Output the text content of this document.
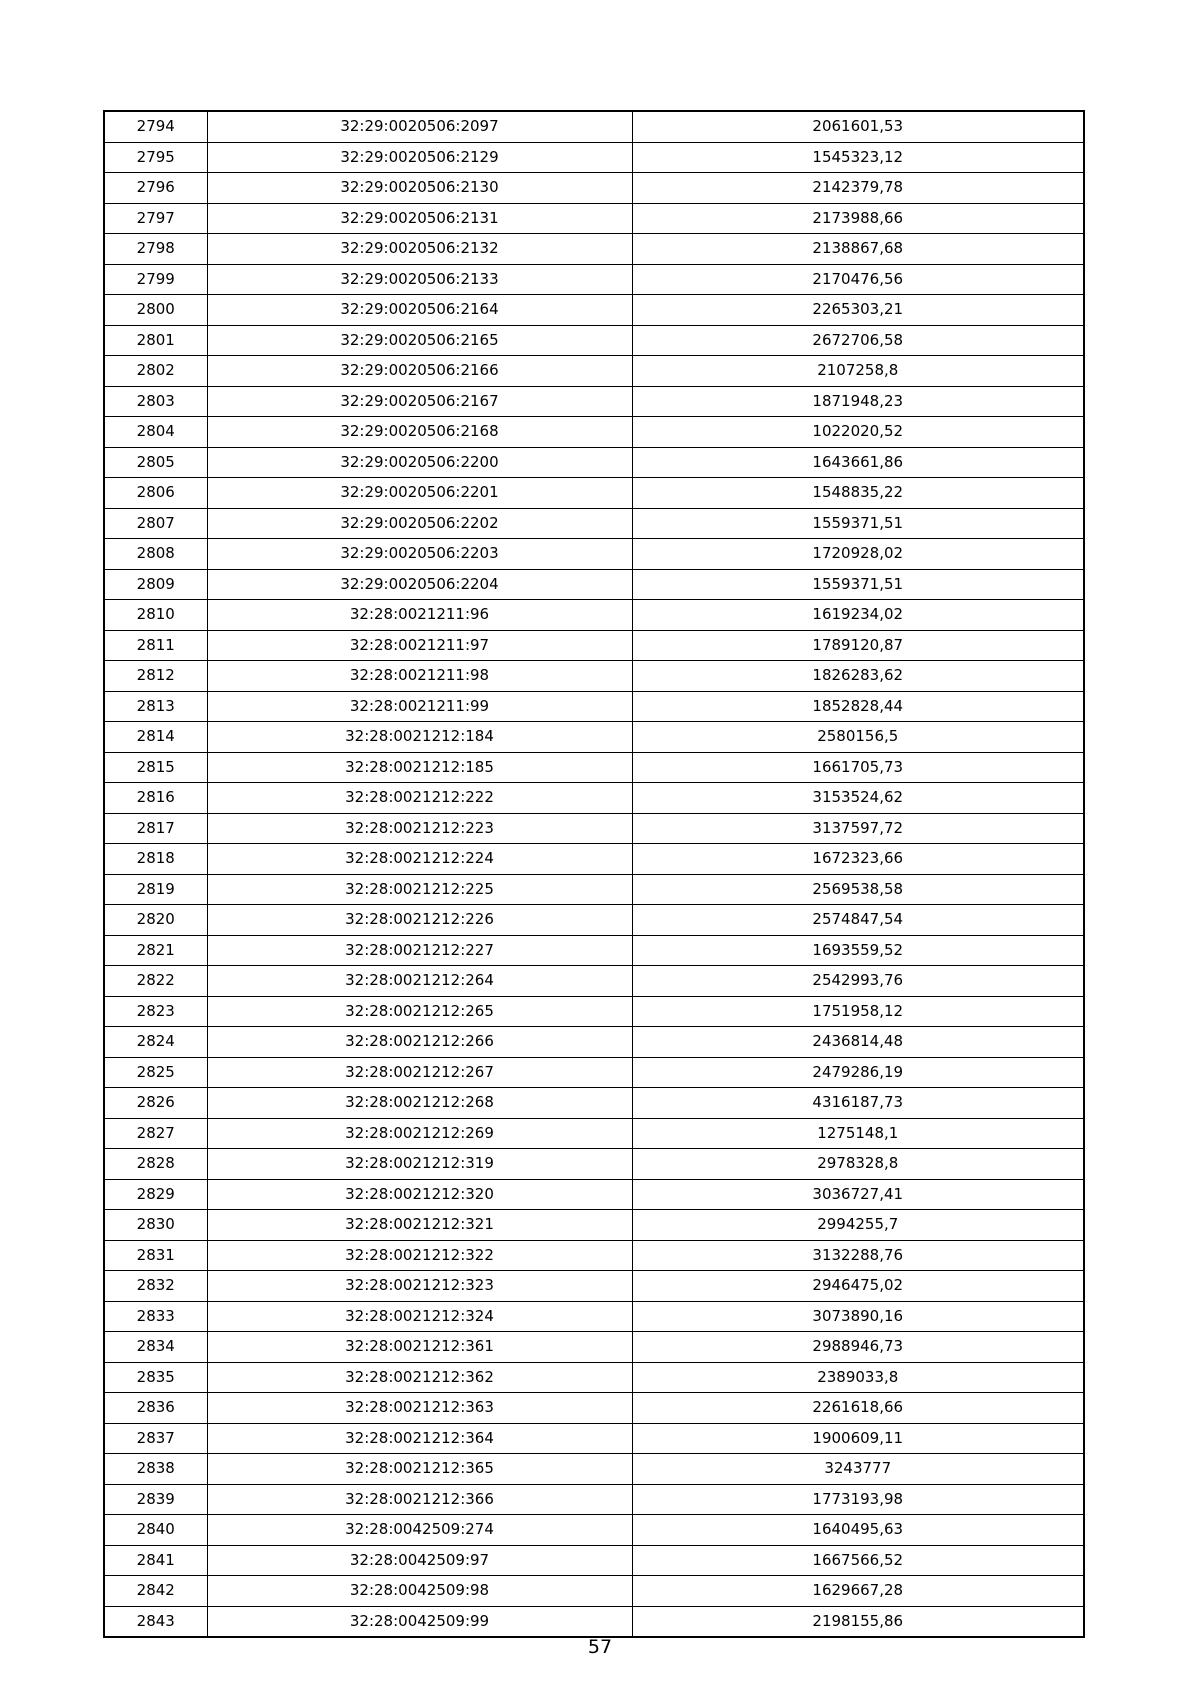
2794	32:29:0020506:2097	2061601,53
2795	32:29:0020506:2129	1545323,12
2796	32:29:0020506:2130	2142379,78
2797	32:29:0020506:2131	2173988,66
2798	32:29:0020506:2132	2138867,68
2799	32:29:0020506:2133	2170476,56
2800	32:29:0020506:2164	2265303,21
2801	32:29:0020506:2165	2672706,58
2802	32:29:0020506:2166	2107258,8
2803	32:29:0020506:2167	1871948,23
2804	32:29:0020506:2168	1022020,52
2805	32:29:0020506:2200	1643661,86
2806	32:29:0020506:2201	1548835,22
2807	32:29:0020506:2202	1559371,51
2808	32:29:0020506:2203	1720928,02
2809	32:29:0020506:2204	1559371,51
2810	32:28:0021211:96	1619234,02
2811	32:28:0021211:97	1789120,87
2812	32:28:0021211:98	1826283,62
2813	32:28:0021211:99	1852828,44
2814	32:28:0021212:184	2580156,5
2815	32:28:0021212:185	1661705,73
2816	32:28:0021212:222	3153524,62
2817	32:28:0021212:223	3137597,72
2818	32:28:0021212:224	1672323,66
2819	32:28:0021212:225	2569538,58
2820	32:28:0021212:226	2574847,54
2821	32:28:0021212:227	1693559,52
2822	32:28:0021212:264	2542993,76
2823	32:28:0021212:265	1751958,12
2824	32:28:0021212:266	2436814,48
2825	32:28:0021212:267	2479286,19
2826	32:28:0021212:268	4316187,73
2827	32:28:0021212:269	1275148,1
2828	32:28:0021212:319	2978328,8
2829	32:28:0021212:320	3036727,41
2830	32:28:0021212:321	2994255,7
2831	32:28:0021212:322	3132288,76
2832	32:28:0021212:323	2946475,02
2833	32:28:0021212:324	3073890,16
2834	32:28:0021212:361	2988946,73
2835	32:28:0021212:362	2389033,8
2836	32:28:0021212:363	2261618,66
2837	32:28:0021212:364	1900609,11
2838	32:28:0021212:365	3243777
2839	32:28:0021212:366	1773193,98
2840	32:28:0042509:274	1640495,63
2841	32:28:0042509:97	1667566,52
2842	32:28:0042509:98	1629667,28
2843	32:28:0042509:99	2198155,86
57
